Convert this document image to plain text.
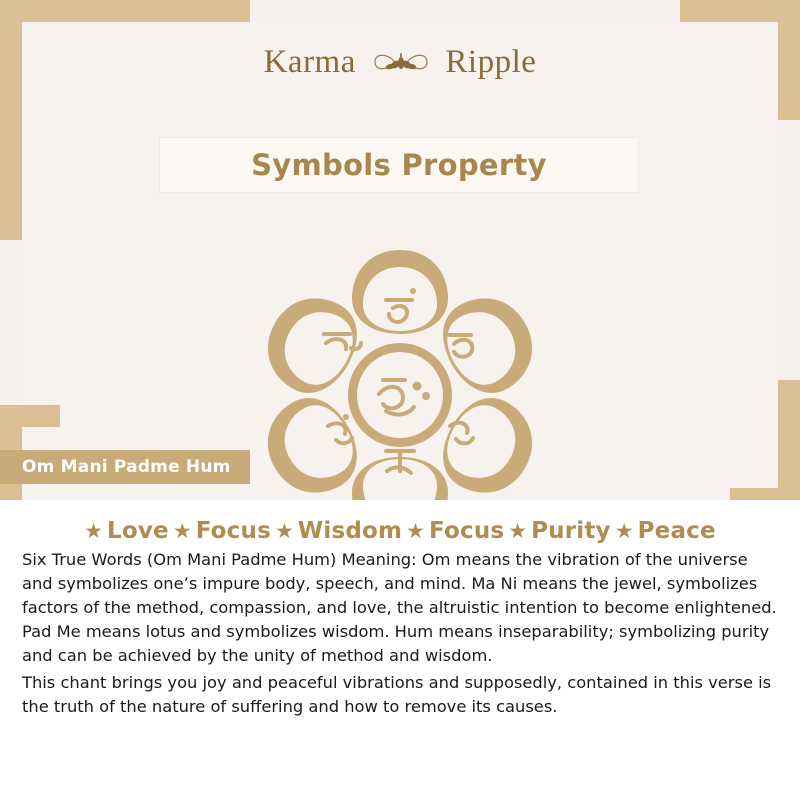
Karma	Ripple
Symbols Property
Om Mani Padme Hum
★ Love ★ Focus ★ Wisdom ★ Focus ★ Purity ★ Peace

Six True Words (Om Mani Padme Hum) Meaning: Om means the vibration of the universe and symbolizes one’s impure body, speech, and mind. Ma Ni means the jewel, symbolizes factors of the method, compassion, and love, the altruistic intention to become enlightened. Pad Me means lotus and symbolizes wisdom. Hum means inseparability; symbolizing purity and can be achieved by the unity of method and wisdom.

This chant brings you joy and peaceful vibrations and supposedly, contained in this verse is the truth of the nature of suffering and how to remove its causes.
